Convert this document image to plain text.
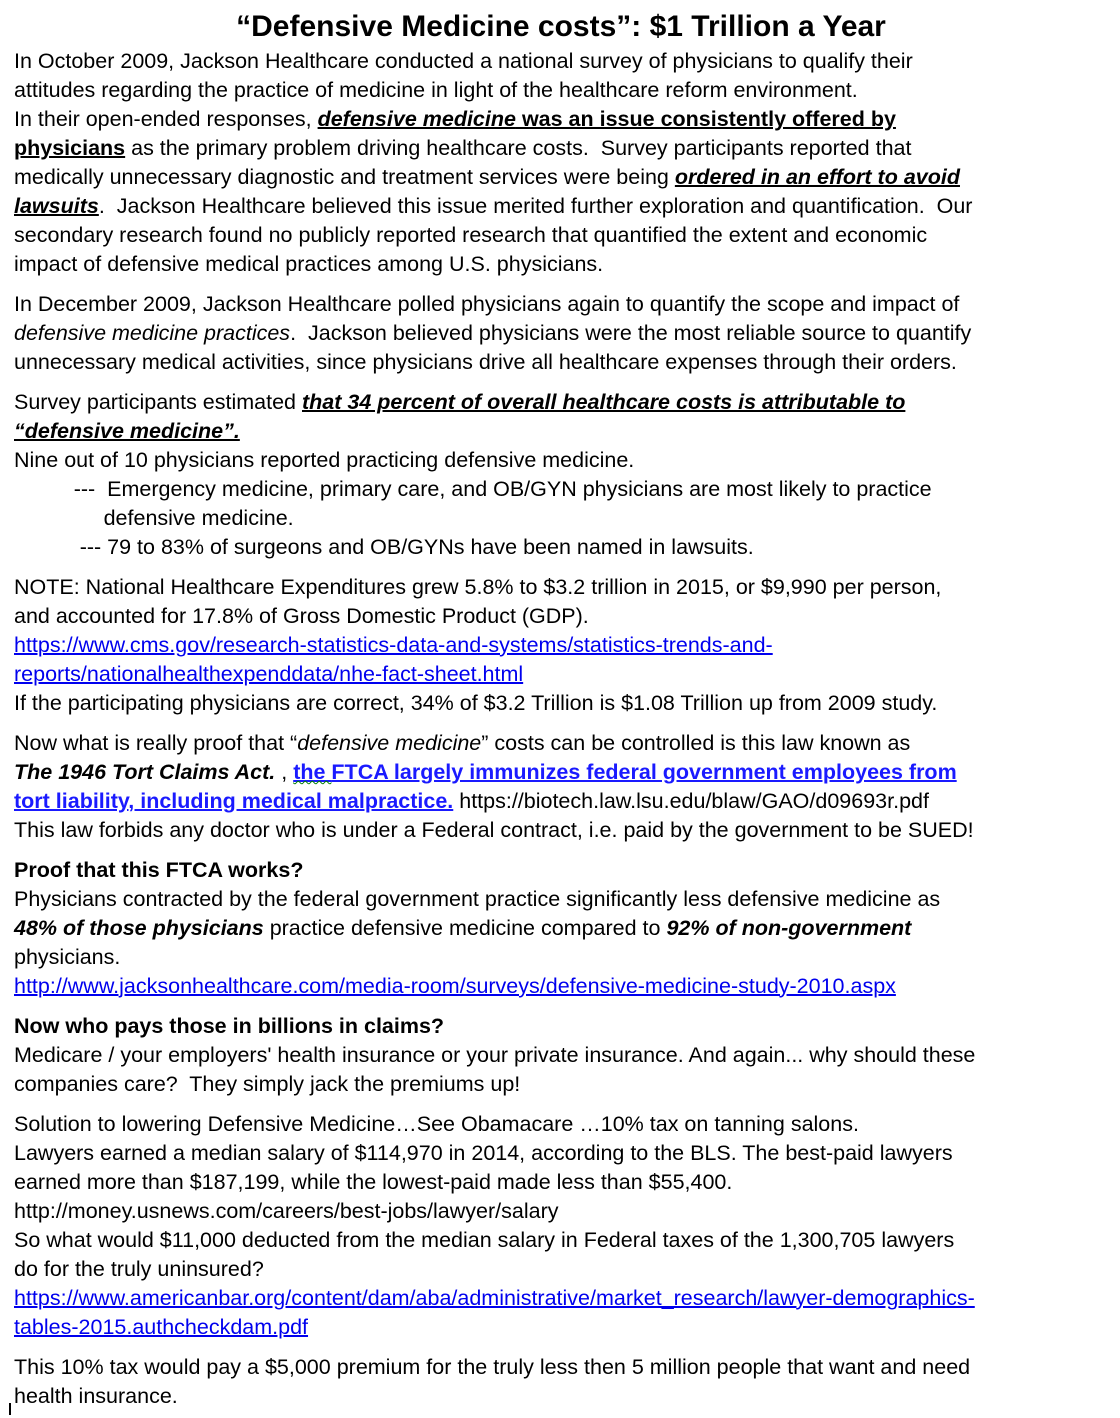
“Defensive Medicine costs”: $1 Trillion a Year
In October 2009, Jackson Healthcare conducted a national survey of physicians to qualify their
attitudes regarding the practice of medicine in light of the healthcare reform environment.
In their open-ended responses, defensive medicine was an issue consistently offered by
physicians as the primary problem driving healthcare costs.  Survey participants reported that
medically unnecessary diagnostic and treatment services were being ordered in an effort to avoid
lawsuits.  Jackson Healthcare believed this issue merited further exploration and quantification.  Our
secondary research found no publicly reported research that quantified the extent and economic
impact of defensive medical practices among U.S. physicians.
In December 2009, Jackson Healthcare polled physicians again to quantify the scope and impact of
defensive medicine practices.  Jackson believed physicians were the most reliable source to quantify
unnecessary medical activities, since physicians drive all healthcare expenses through their orders.
Survey participants estimated that 34 percent of overall healthcare costs is attributable to
“defensive medicine”.
Nine out of 10 physicians reported practicing defensive medicine.
---  Emergency medicine, primary care, and OB/GYN physicians are most likely to practice
defensive medicine.
--- 79 to 83% of surgeons and OB/GYNs have been named in lawsuits.
NOTE: National Healthcare Expenditures grew 5.8% to $3.2 trillion in 2015, or $9,990 per person,
and accounted for 17.8% of Gross Domestic Product (GDP).
https://www.cms.gov/research-statistics-data-and-systems/statistics-trends-and-
reports/nationalhealthexpenddata/nhe-fact-sheet.html
If the participating physicians are correct, 34% of $3.2 Trillion is $1.08 Trillion up from 2009 study.
Now what is really proof that “defensive medicine” costs can be controlled is this law known as
The 1946 Tort Claims Act. , the FTCA largely immunizes federal government employees from
tort liability, including medical malpractice. https://biotech.law.lsu.edu/blaw/GAO/d09693r.pdf
This law forbids any doctor who is under a Federal contract, i.e. paid by the government to be SUED!
Proof that this FTCA works?
Physicians contracted by the federal government practice significantly less defensive medicine as
48% of those physicians practice defensive medicine compared to 92% of non-government
physicians.
http://www.jacksonhealthcare.com/media-room/surveys/defensive-medicine-study-2010.aspx
Now who pays those in billions in claims?
Medicare / your employers' health insurance or your private insurance. And again... why should these
companies care?  They simply jack the premiums up!
Solution to lowering Defensive Medicine…See Obamacare …10% tax on tanning salons.
Lawyers earned a median salary of $114,970 in 2014, according to the BLS. The best-paid lawyers
earned more than $187,199, while the lowest-paid made less than $55,400.
http://money.usnews.com/careers/best-jobs/lawyer/salary
So what would $11,000 deducted from the median salary in Federal taxes of the 1,300,705 lawyers
do for the truly uninsured?
https://www.americanbar.org/content/dam/aba/administrative/market_research/lawyer-demographics-
tables-2015.authcheckdam.pdf
This 10% tax would pay a $5,000 premium for the truly less then 5 million people that want and need
health insurance.
